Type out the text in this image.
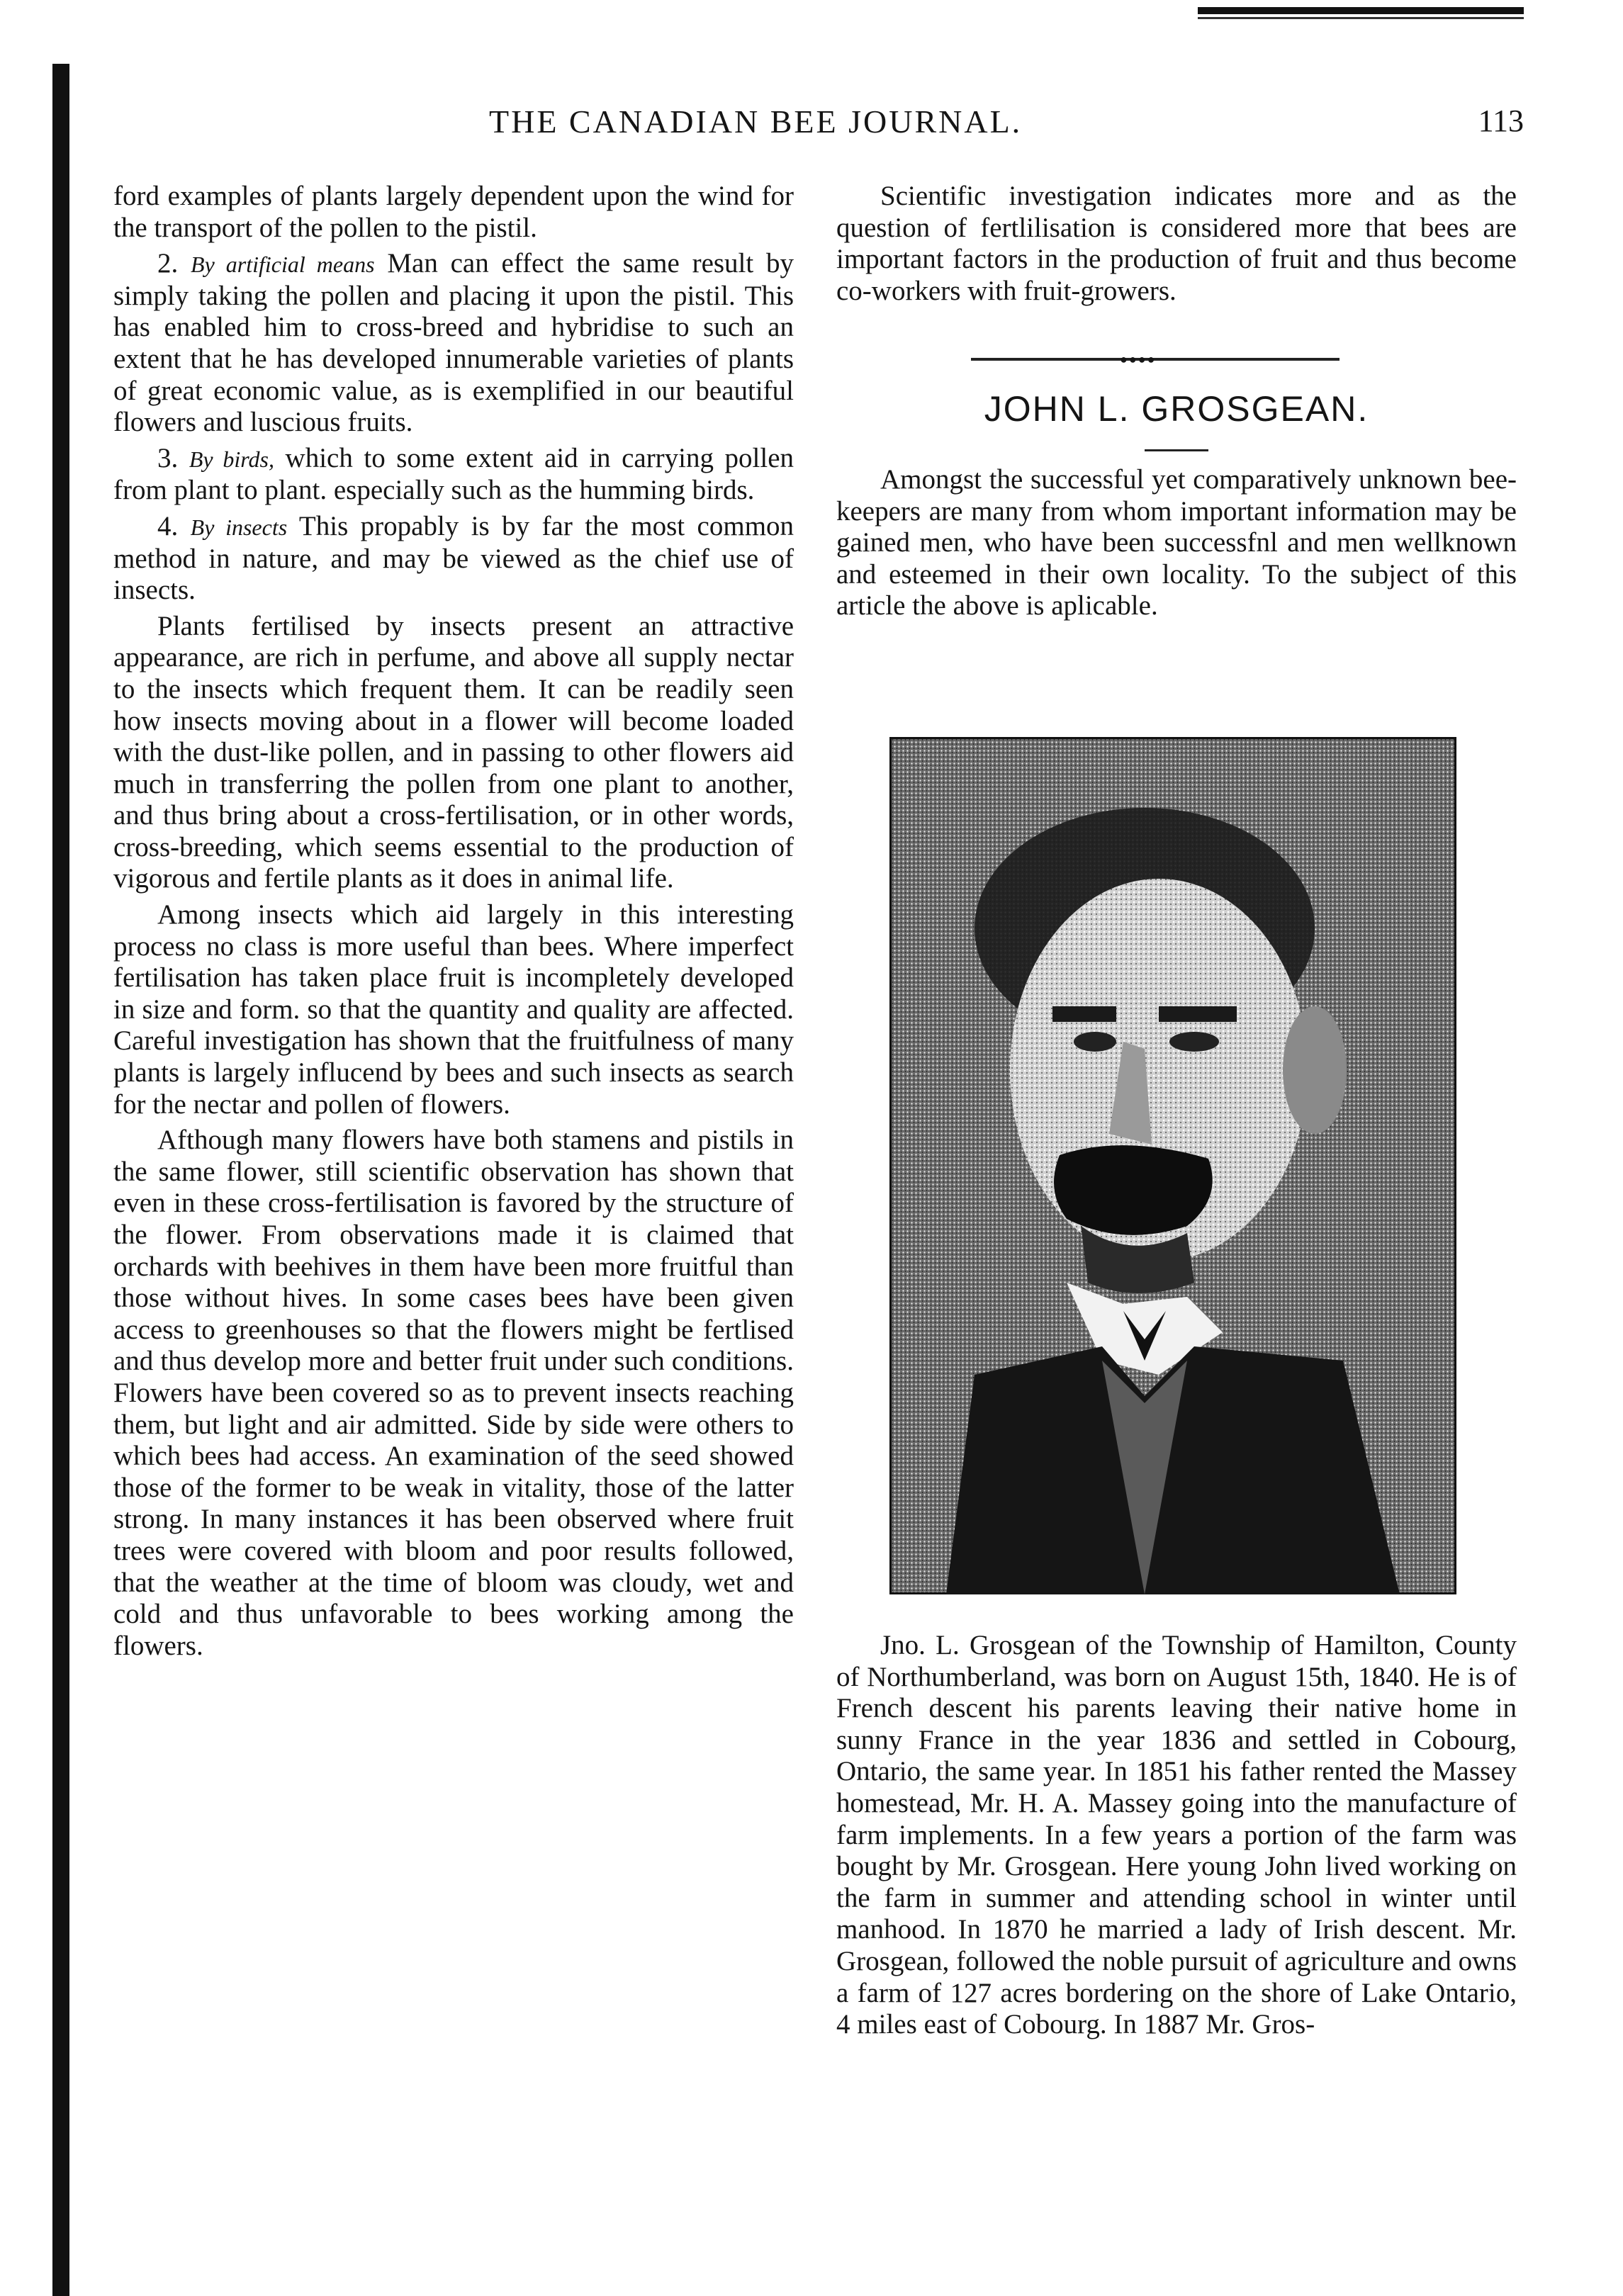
THE CANADIAN BEE JOURNAL.	113

ford examples of plants largely dependent upon the wind for the transport of the pollen to the pistil.

2. By artificial means Man can effect the same result by simply taking the pollen and placing it upon the pistil. This has enabled him to cross-breed and hybridise to such an extent that he has developed innumerable varieties of plants of great economic value, as is exemplified in our beautiful flowers and luscious fruits.

3. By birds, which to some extent aid in carrying pollen from plant to plant. especially such as the humming birds.

4. By insects This propably is by far the most common method in nature, and may be viewed as the chief use of insects.

Plants fertilised by insects present an attractive appearance, are rich in perfume, and above all supply nectar to the insects which frequent them. It can be readily seen how insects moving about in a flower will become loaded with the dust-like pollen, and in passing to other flowers aid much in transferring the pollen from one plant to another, and thus bring about a cross-fertilisation, or in other words, cross-breeding, which seems essential to the production of vigorous and fertile plants as it does in animal life.

Among insects which aid largely in this interesting process no class is more useful than bees. Where imperfect fertilisation has taken place fruit is incompletely developed in size and form. so that the quantity and quality are affected. Careful investigation has shown that the fruitfulness of many plants is largely influcend by bees and such insects as search for the nectar and pollen of flowers.

Afthough many flowers have both stamens and pistils in the same flower, still scientific observation has shown that even in these cross-fertilisation is favored by the structure of the flower. From observations made it is claimed that orchards with beehives in them have been more fruitful than those without hives. In some cases bees have been given access to greenhouses so that the flowers might be fertlised and thus develop more and better fruit under such conditions. Flowers have been covered so as to prevent insects reaching them, but light and air admitted. Side by side were others to which bees had access. An examination of the seed showed those of the former to be weak in vitality, those of the latter strong. In many instances it has been observed where fruit trees were covered with bloom and poor results followed, that the weather at the time of bloom was cloudy, wet and cold and thus unfavorable to bees working among the flowers.

Scientific investigation indicates more and as the question of fertlilisation is considered more that bees are important factors in the production of fruit and thus become co-workers with fruit-growers.

●●●●
JOHN L. GROSGEAN.

Amongst the successful yet comparatively unknown bee-keepers are many from whom important information may be gained men, who have been successfnl and men wellknown and esteemed in their own locality. To the subject of this article the above is aplicable.

Jno. L. Grosgean of the Township of Hamilton, County of Northumberland, was born on August 15th, 1840. He is of French descent his parents leaving their native home in sunny France in the year 1836 and settled in Cobourg, Ontario, the same year. In 1851 his father rented the Massey homestead, Mr. H. A. Massey going into the manufacture of farm implements. In a few years a portion of the farm was bought by Mr. Grosgean. Here young John lived working on the farm in summer and attending school in winter until manhood. In 1870 he married a lady of Irish descent. Mr. Grosgean, followed the noble pursuit of agriculture and owns a farm of 127 acres bordering on the shore of Lake Ontario, 4 miles east of Cobourg. In 1887 Mr. Gros-
